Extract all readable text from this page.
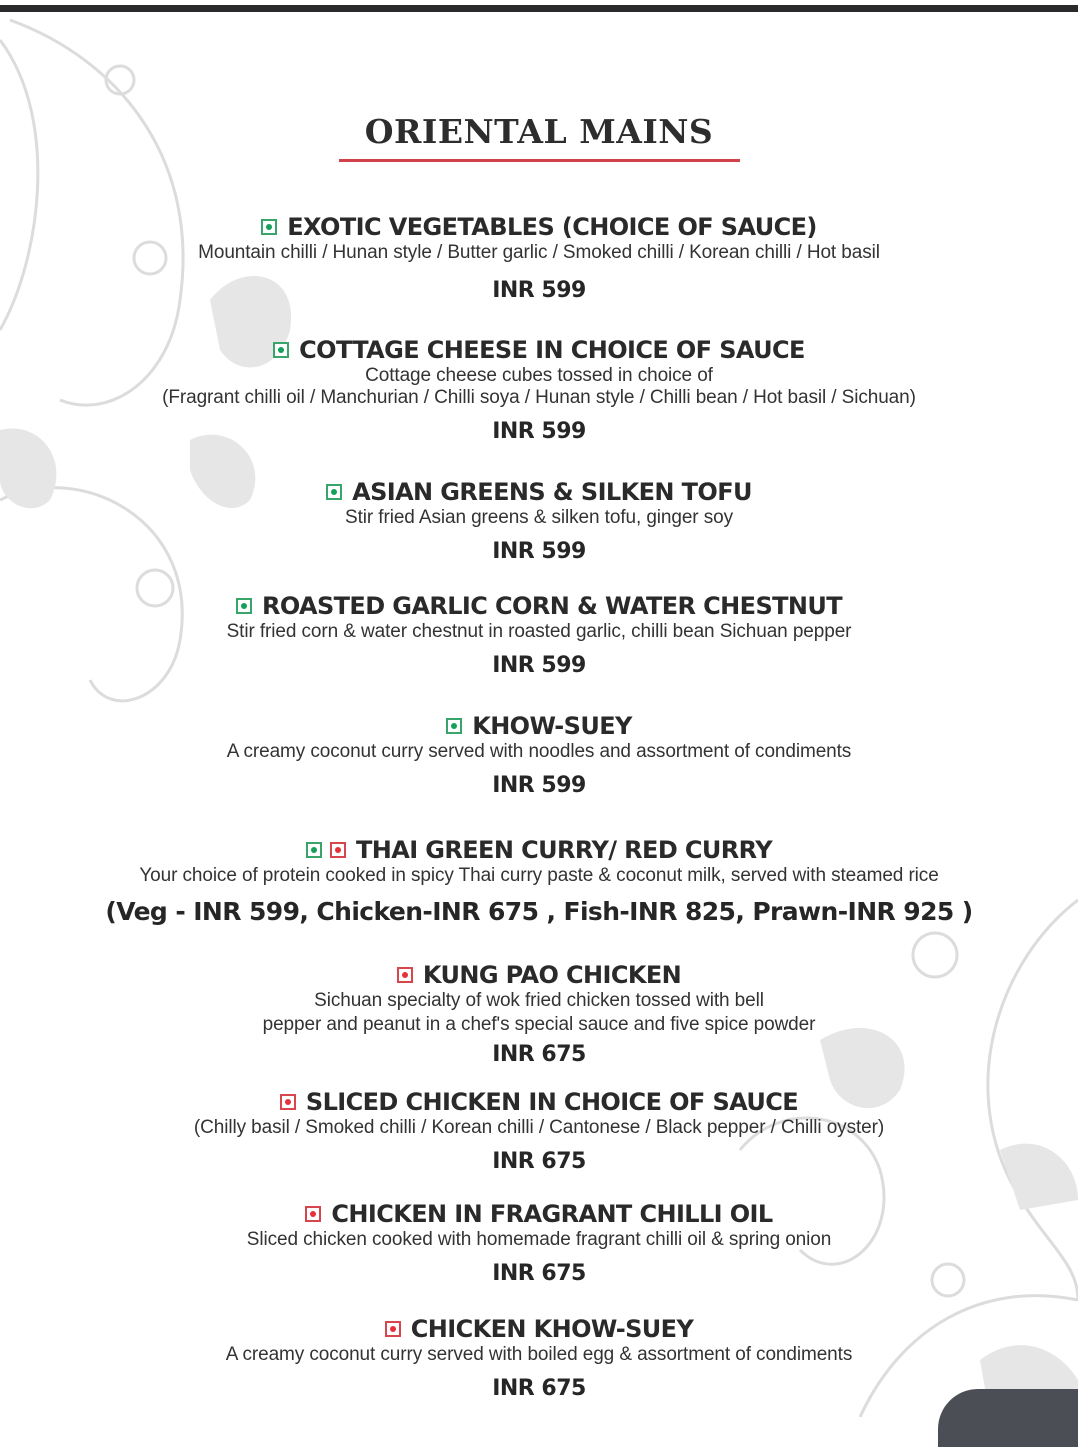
ORIENTAL MAINS
EXOTIC VEGETABLES (CHOICE OF SAUCE)
Mountain chilli / Hunan style / Butter garlic / Smoked chilli / Korean chilli / Hot basil
INR 599
COTTAGE CHEESE IN CHOICE OF SAUCE
Cottage cheese cubes tossed in choice of
(Fragrant chilli oil / Manchurian / Chilli soya / Hunan style / Chilli bean / Hot basil / Sichuan)
INR 599
ASIAN GREENS & SILKEN TOFU
Stir fried Asian greens & silken tofu, ginger soy
INR 599
ROASTED GARLIC CORN & WATER CHESTNUT
Stir fried corn & water chestnut in roasted garlic, chilli bean Sichuan pepper
INR 599
KHOW-SUEY
A creamy coconut curry served with noodles and assortment of condiments
INR 599
THAI GREEN CURRY/ RED CURRY
Your choice of protein cooked in spicy Thai curry paste & coconut milk, served with steamed rice
(Veg - INR 599, Chicken-INR 675 , Fish-INR 825, Prawn-INR 925 )
KUNG PAO CHICKEN
Sichuan specialty of wok fried chicken tossed with bell
pepper and peanut in a chef's special sauce and five spice powder
INR 675
SLICED CHICKEN IN CHOICE OF SAUCE
(Chilly basil / Smoked chilli / Korean chilli / Cantonese / Black pepper / Chilli oyster)
INR 675
CHICKEN IN FRAGRANT CHILLI OIL
Sliced chicken cooked with homemade fragrant chilli oil & spring onion
INR 675
CHICKEN KHOW-SUEY
A creamy coconut curry served with boiled egg & assortment of condiments
INR 675
